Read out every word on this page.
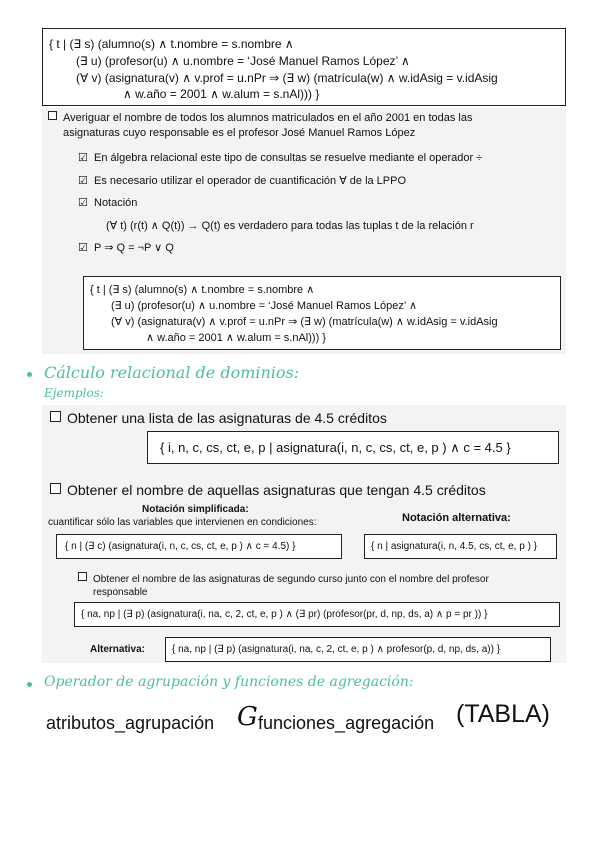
{ t | (∃ s) (alumno(s) ∧ t.nombre = s.nombre ∧
(∃ u) (profesor(u) ∧ u.nombre = ‘José Manuel Ramos López’ ∧
(∀ v) (asignatura(v) ∧ v.prof = u.nPr ⇒ (∃ w) (matrícula(w) ∧ w.idAsig = v.idAsig
∧ w.año = 2001 ∧ w.alum = s.nAl))) }
Averiguar el nombre de todos los alumnos matriculados en el año 2001 en todas las
asignaturas cuyo responsable es el profesor José Manuel Ramos López
☑ En álgebra relacional este tipo de consultas se resuelve mediante el operador ÷
☑ Es necesario utilizar el operador de cuantificación ∀ de la LPPO
☑ Notación
(∀ t) (r(t) ∧ Q(t)) → Q(t) es verdadero para todas las tuplas t de la relación r
☑ P ⇒ Q = ¬P ∨ Q
{ t | (∃ s) (alumno(s) ∧ t.nombre = s.nombre ∧
(∃ u) (profesor(u) ∧ u.nombre = ‘José Manuel Ramos López’ ∧
(∀ v) (asignatura(v) ∧ v.prof = u.nPr ⇒ (∃ w) (matrícula(w) ∧ w.idAsig = v.idAsig
∧ w.año = 2001 ∧ w.alum = s.nAl))) }
Cálculo relacional de dominios:
Ejemplos:
Obtener una lista de las asignaturas de 4.5 créditos
{ i, n, c, cs, ct, e, p | asignatura(i, n, c, cs, ct, e, p ) ∧ c = 4.5 }
Obtener el nombre de aquellas asignaturas que tengan 4.5 créditos
Notación simplificada:
cuantificar sólo las variables que intervienen en condiciones:	Notación alternativa:
{ n | (∃ c) (asignatura(i, n, c, cs, ct, e, p ) ∧ c = 4.5) }	{ n | asignatura(i, n, 4.5, cs, ct, e, p ) }
Obtener el nombre de las asignaturas de segundo curso junto con el nombre del profesor
responsable
{ na, np | (∃ p) (asignatura(i, na, c, 2, ct, e, p ) ∧ (∃ pr) (profesor(pr, d, np, ds, a) ∧ p = pr )) }
Alternativa:	{ na, np | (∃ p) (asignatura(i, na, c, 2, ct, e, p ) ∧ profesor(p, d, np, ds, a)) }
Operador de agrupación y funciones de agregación:
atributos_agrupación G funciones_agregación (TABLA)
